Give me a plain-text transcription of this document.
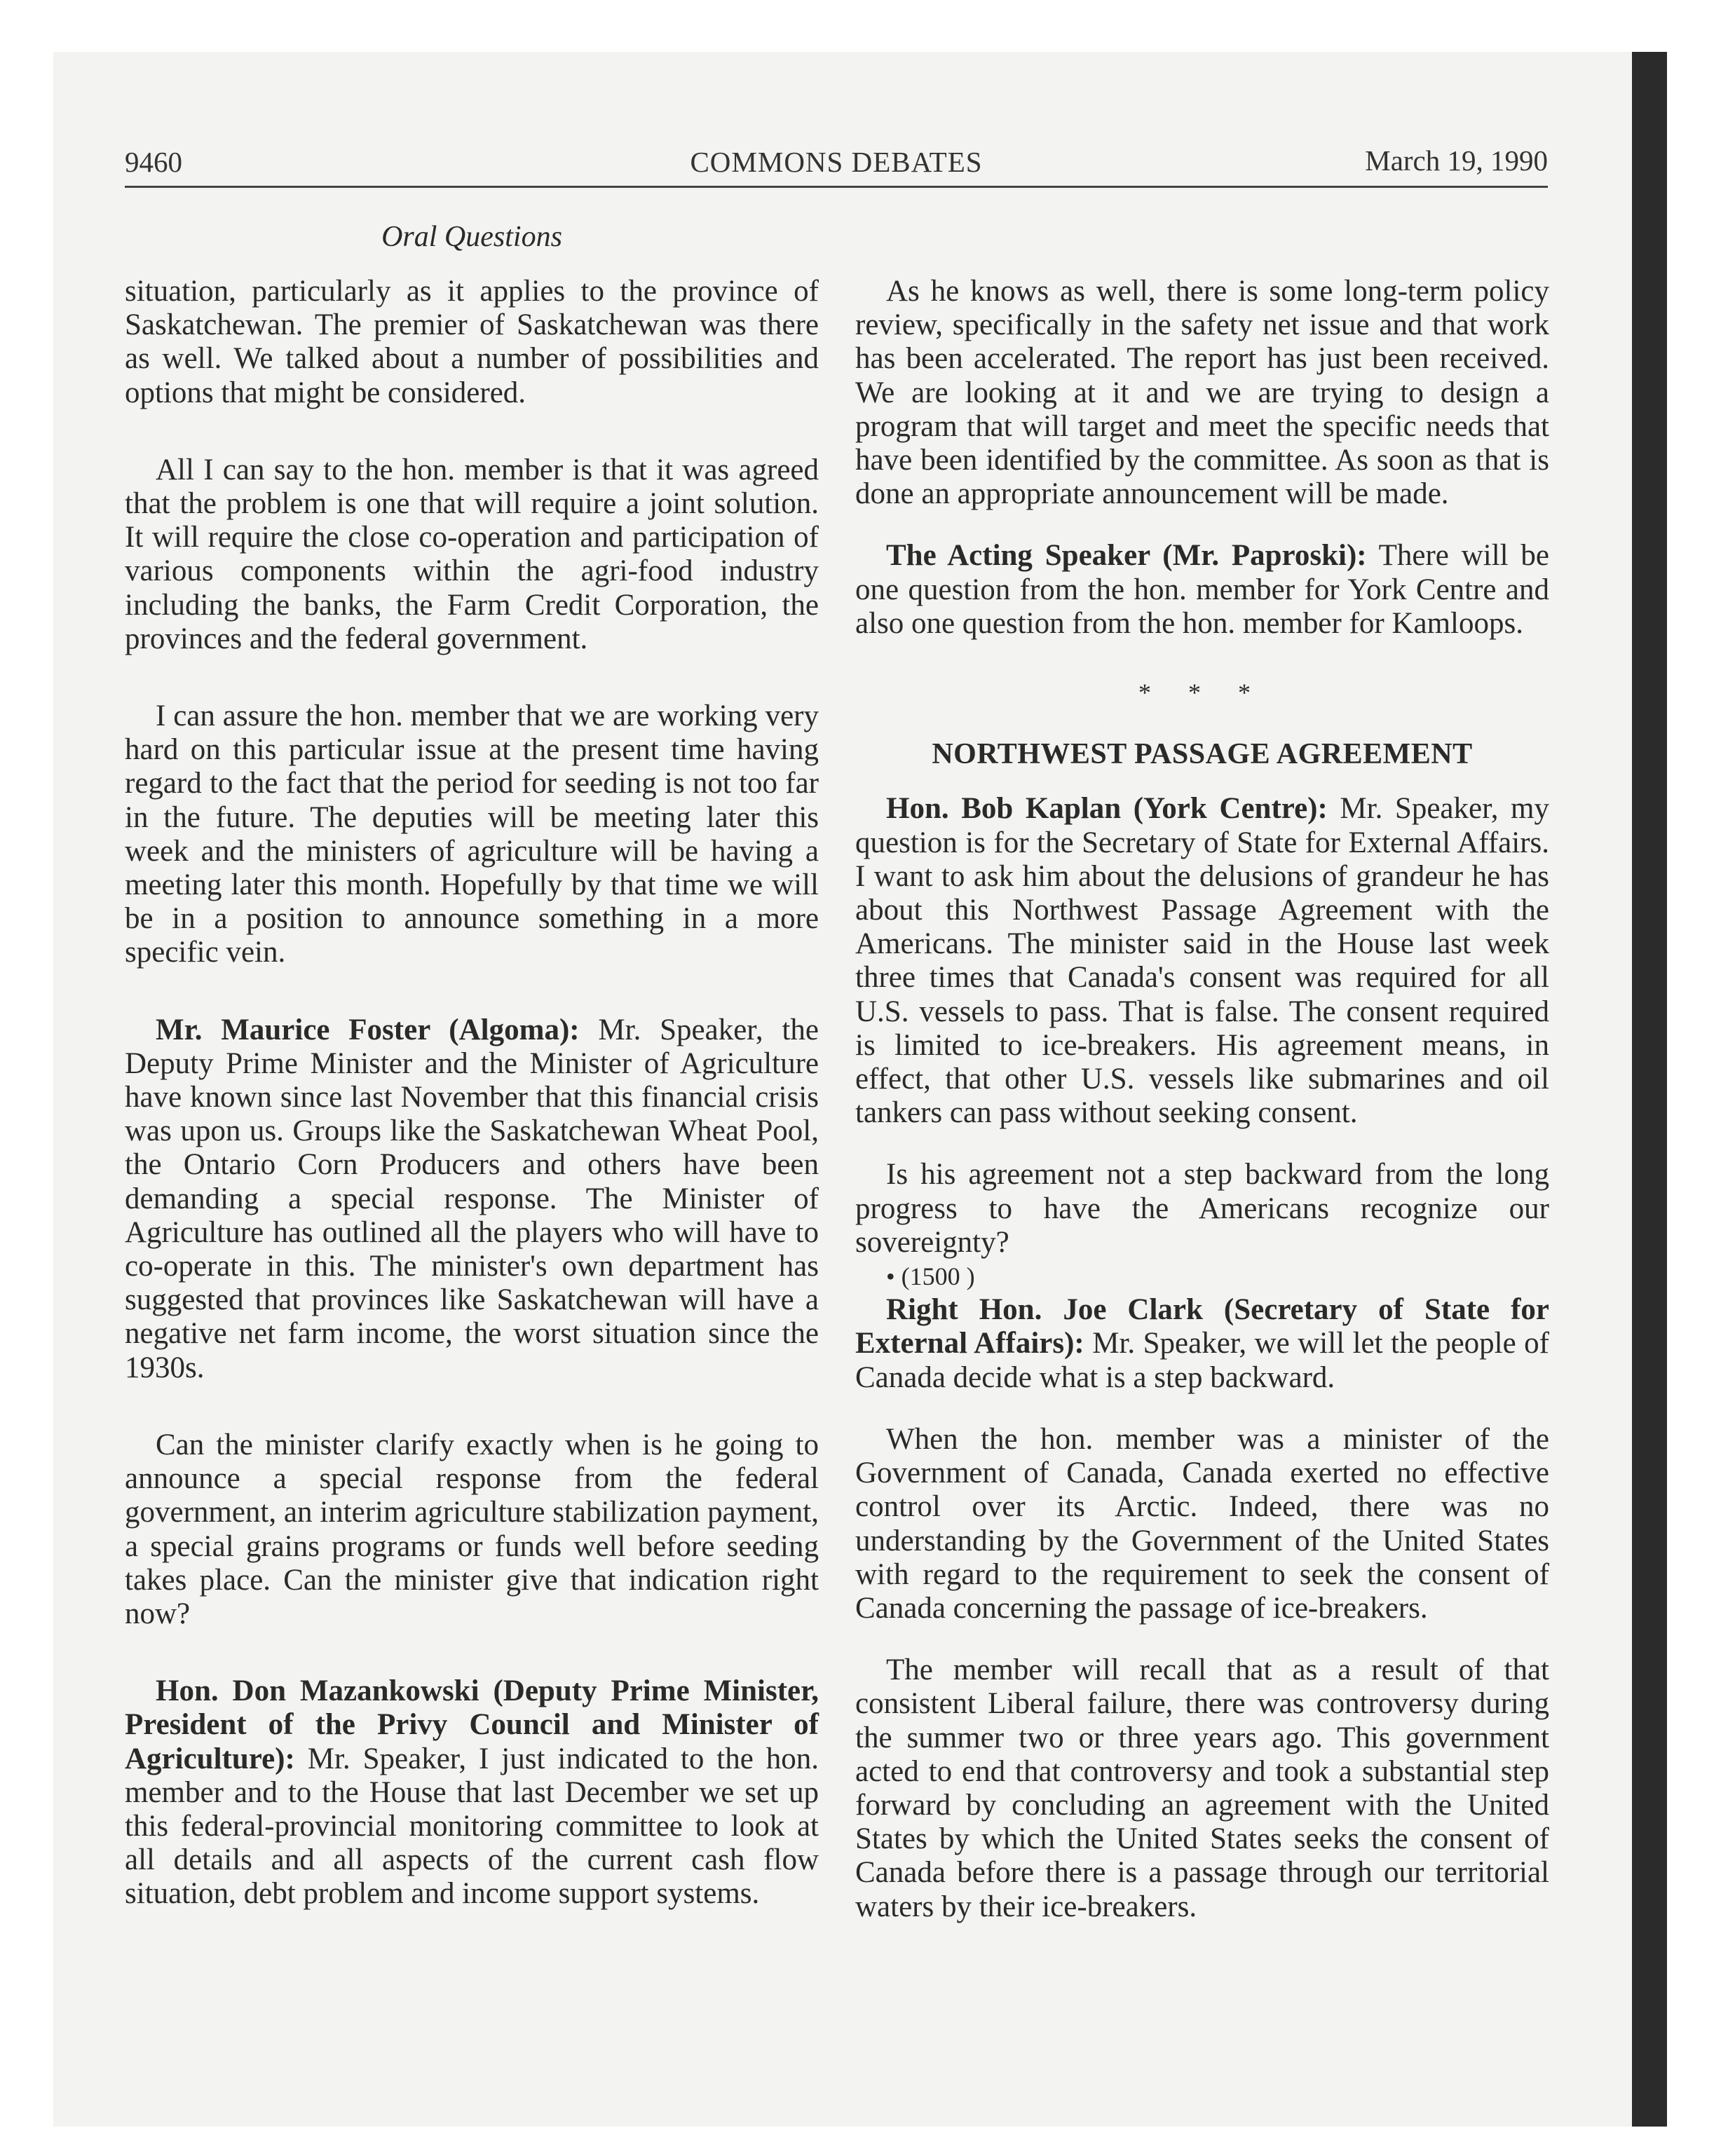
9460	COMMONS DEBATES	March 19, 1990
Oral Questions

situation, particularly as it applies to the province of Saskatchewan. The premier of Saskatchewan was there as well. We talked about a number of possibilities and options that might be considered.

All I can say to the hon. member is that it was agreed that the problem is one that will require a joint solution. It will require the close co-operation and participation of various components within the agri-food industry including the banks, the Farm Credit Corporation, the provinces and the federal government.

I can assure the hon. member that we are working very hard on this particular issue at the present time having regard to the fact that the period for seeding is not too far in the future. The deputies will be meeting later this week and the ministers of agriculture will be having a meeting later this month. Hopefully by that time we will be in a position to announce something in a more specific vein.

Mr. Maurice Foster (Algoma): Mr. Speaker, the Deputy Prime Minister and the Minister of Agriculture have known since last November that this financial crisis was upon us. Groups like the Saskatchewan Wheat Pool, the Ontario Corn Producers and others have been demanding a special response. The Minister of Agriculture has outlined all the players who will have to co-operate in this. The minister's own department has suggested that provinces like Saskatchewan will have a negative net farm income, the worst situation since the 1930s.

Can the minister clarify exactly when is he going to announce a special response from the federal government, an interim agriculture stabilization payment, a special grains programs or funds well before seeding takes place. Can the minister give that indication right now?

Hon. Don Mazankowski (Deputy Prime Minister, President of the Privy Council and Minister of Agriculture): Mr. Speaker, I just indicated to the hon. member and to the House that last December we set up this federal-provincial monitoring committee to look at all details and all aspects of the current cash flow situation, debt problem and income support systems.

As he knows as well, there is some long-term policy review, specifically in the safety net issue and that work has been accelerated. The report has just been received. We are looking at it and we are trying to design a program that will target and meet the specific needs that have been identified by the committee. As soon as that is done an appropriate announcement will be made.

The Acting Speaker (Mr. Paproski): There will be one question from the hon. member for York Centre and also one question from the hon. member for Kamloops.

* * *
NORTHWEST PASSAGE AGREEMENT

Hon. Bob Kaplan (York Centre): Mr. Speaker, my question is for the Secretary of State for External Affairs. I want to ask him about the delusions of grandeur he has about this Northwest Passage Agreement with the Americans. The minister said in the House last week three times that Canada's consent was required for all U.S. vessels to pass. That is false. The consent required is limited to ice-breakers. His agreement means, in effect, that other U.S. vessels like submarines and oil tankers can pass without seeking consent.

Is his agreement not a step backward from the long progress to have the Americans recognize our sovereignty?

• (1500 )

Right Hon. Joe Clark (Secretary of State for External Affairs): Mr. Speaker, we will let the people of Canada decide what is a step backward.

When the hon. member was a minister of the Government of Canada, Canada exerted no effective control over its Arctic. Indeed, there was no understanding by the Government of the United States with regard to the requirement to seek the consent of Canada concerning the passage of ice-breakers.

The member will recall that as a result of that consistent Liberal failure, there was controversy during the summer two or three years ago. This government acted to end that controversy and took a substantial step forward by concluding an agreement with the United States by which the United States seeks the consent of Canada before there is a passage through our territorial waters by their ice-breakers.
